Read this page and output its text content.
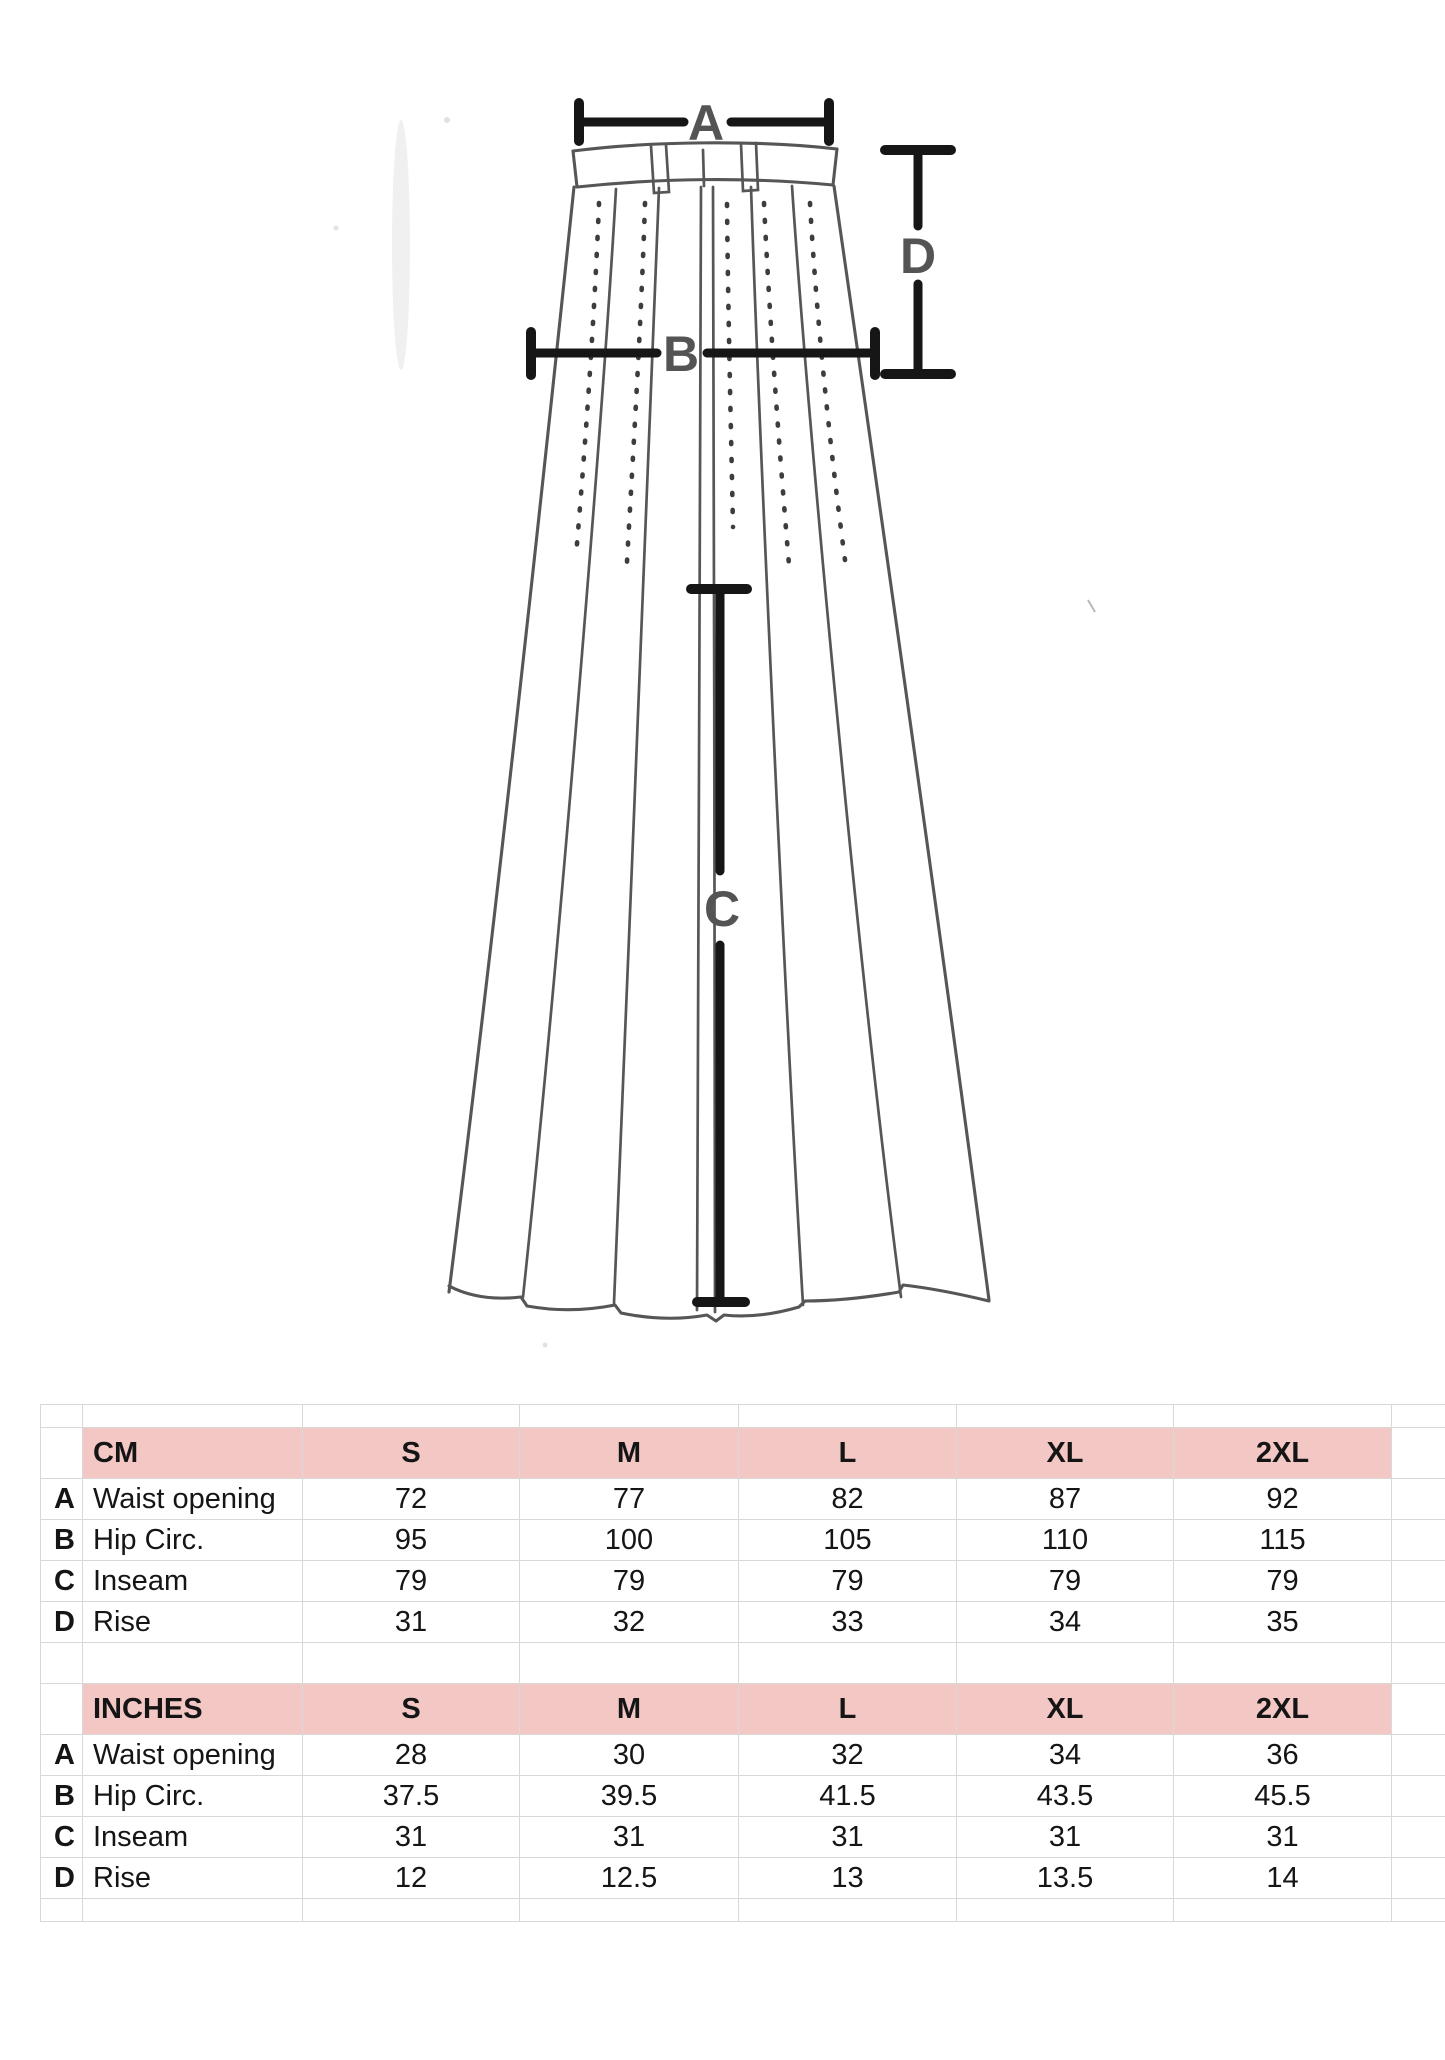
A
D
B
C
CM	S	M	L	XL	2XL
A Waist opening	72	77	82	87	92
B Hip Circ.	95	100	105	110	115
C Inseam	79	79	79	79	79
D Rise	31	32	33	34	35
INCHES	S	M	L	XL	2XL
A Waist opening	28	30	32	34	36
B Hip Circ.	37.5	39.5	41.5	43.5	45.5
C Inseam	31	31	31	31	31
D Rise	12	12.5	13	13.5	14
